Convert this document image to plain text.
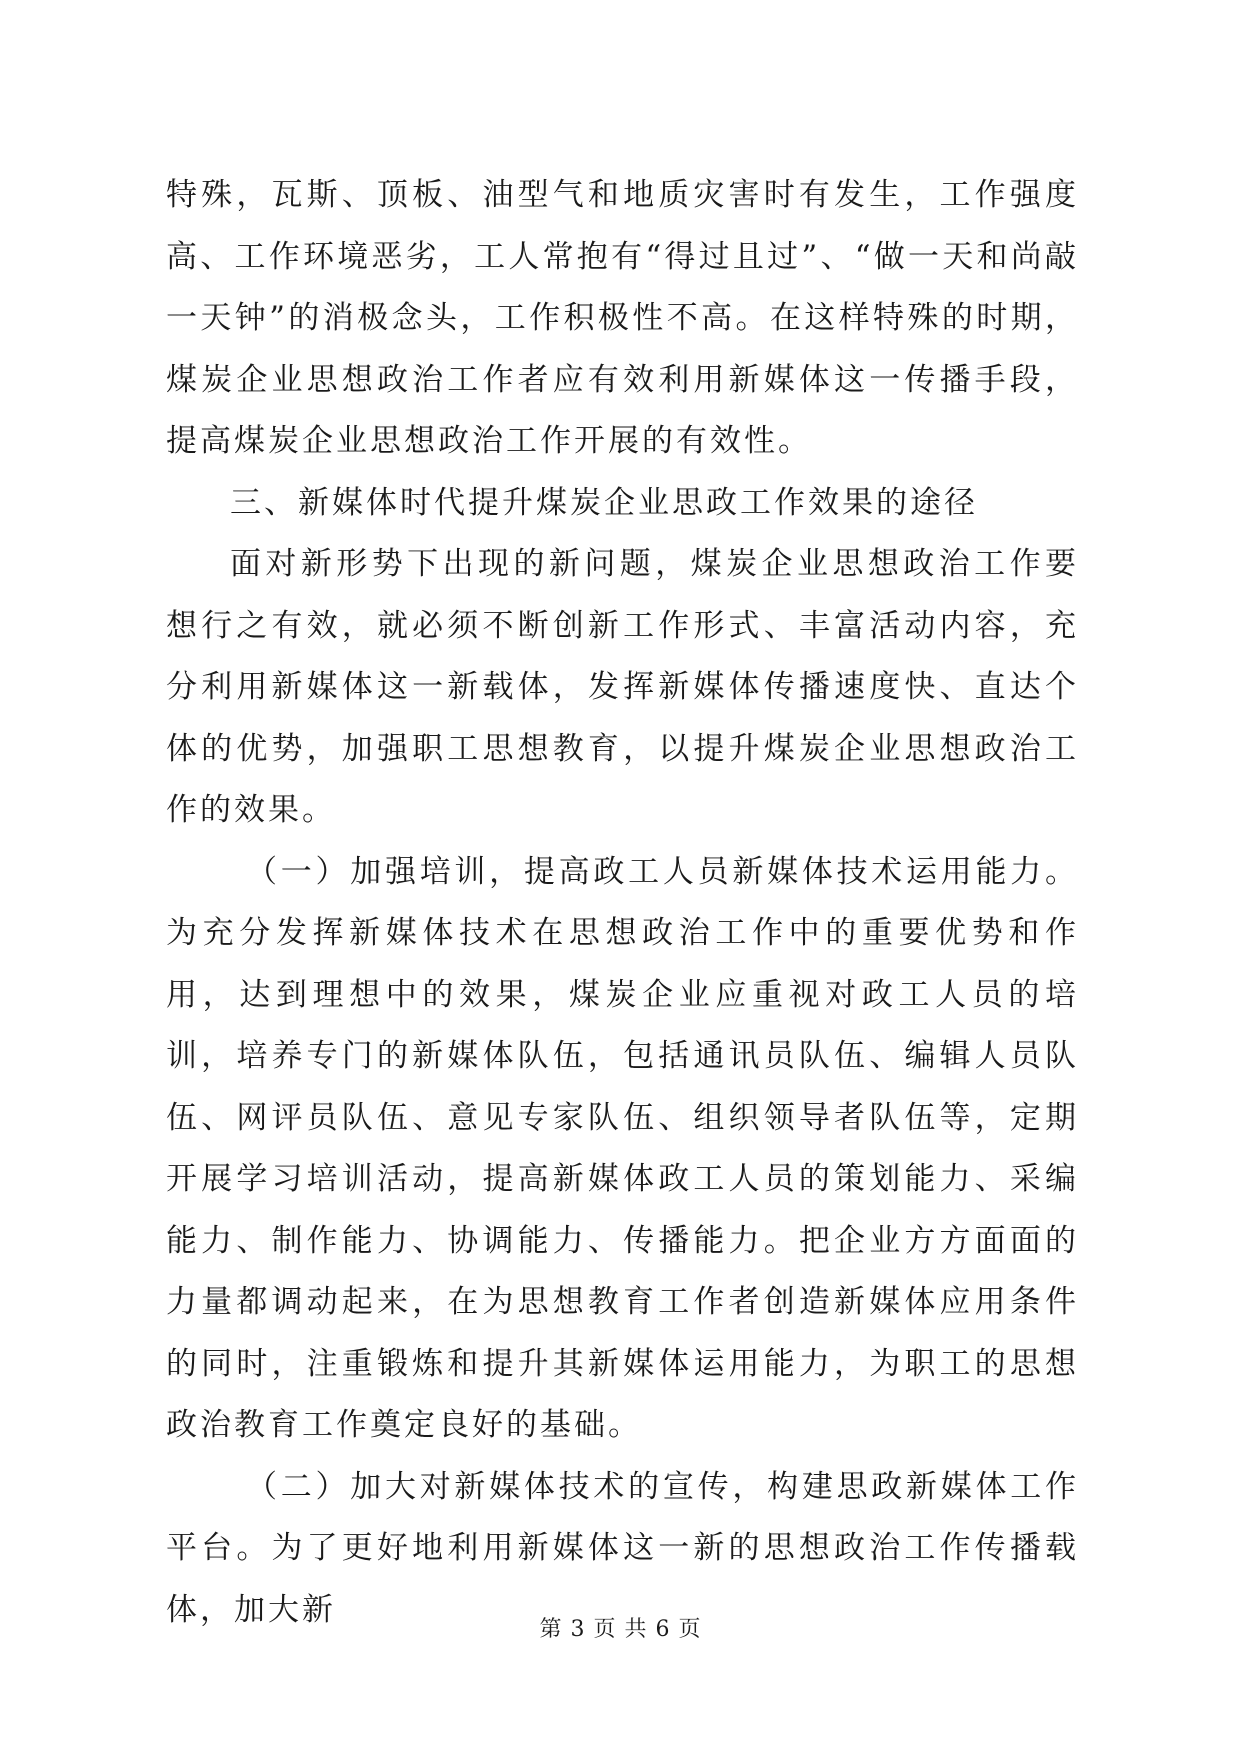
特殊，瓦斯、顶板、油型气和地质灾害时有发生，工作强度高、工作环境恶劣，工人常抱有“得过且过”、“做一天和尚敲一天钟”的消极念头，工作积极性不高。在这样特殊的时期，煤炭企业思想政治工作者应有效利用新媒体这一传播手段，提高煤炭企业思想政治工作开展的有效性。

三、新媒体时代提升煤炭企业思政工作效果的途径

面对新形势下出现的新问题，煤炭企业思想政治工作要想行之有效，就必须不断创新工作形式、丰富活动内容，充分利用新媒体这一新载体，发挥新媒体传播速度快、直达个体的优势，加强职工思想教育，以提升煤炭企业思想政治工作的效果。

（一）加强培训，提高政工人员新媒体技术运用能力。为充分发挥新媒体技术在思想政治工作中的重要优势和作用，达到理想中的效果，煤炭企业应重视对政工人员的培训，培养专门的新媒体队伍，包括通讯员队伍、编辑人员队伍、网评员队伍、意见专家队伍、组织领导者队伍等，定期开展学习培训活动，提高新媒体政工人员的策划能力、采编能力、制作能力、协调能力、传播能力。把企业方方面面的力量都调动起来，在为思想教育工作者创造新媒体应用条件的同时，注重锻炼和提升其新媒体运用能力，为职工的思想政治教育工作奠定良好的基础。

（二）加大对新媒体技术的宣传，构建思政新媒体工作平台。为了更好地利用新媒体这一新的思想政治工作传播载体，加大新

第 3 页 共 6 页
